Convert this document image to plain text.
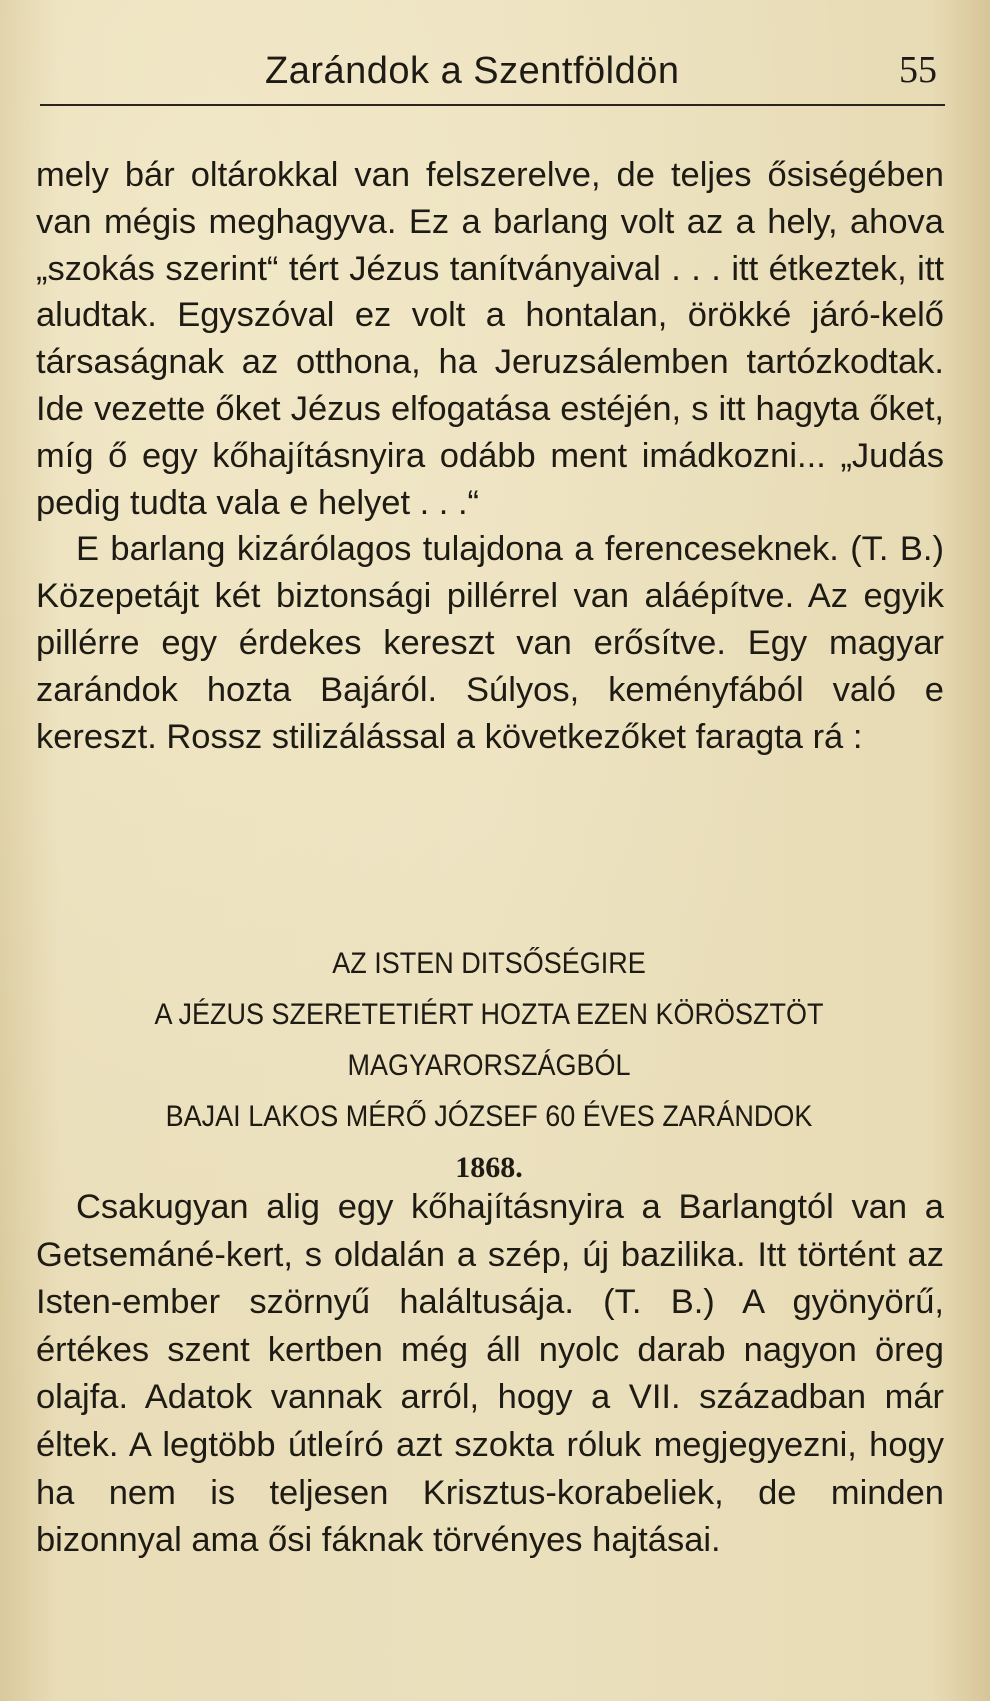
Zarándok a Szentföldön	55

mely bár oltárokkal van felszerelve, de teljes ősiségében van mégis meghagyva. Ez a barlang volt az a hely, ahova „szokás szerint“ tért Jézus tanítványaival . . . itt étkeztek, itt aludtak. Egyszóval ez volt a hontalan, örökké járó-kelő társaságnak az otthona, ha Jeruzsálemben tartózkodtak. Ide vezette őket Jézus elfogatása estéjén, s itt hagyta őket, míg ő egy kőhajításnyira odább ment imádkozni... „Judás pedig tudta vala e helyet . . .“

E barlang kizárólagos tulajdona a ferenceseknek. (T. B.) Közepetájt két biztonsági pillérrel van aláépítve. Az egyik pillérre egy érdekes kereszt van erősítve. Egy magyar zarándok hozta Bajáról. Súlyos, keményfából való e kereszt. Rossz stilizálással a következőket faragta rá :

AZ ISTEN DITSŐSÉGIRE
A JÉZUS SZERETETIÉRT HOZTA EZEN KÖRÖSZTÖT
MAGYARORSZÁGBÓL
BAJAI LAKOS MÉRŐ JÓZSEF 60 ÉVES ZARÁNDOK
1868.

Csakugyan alig egy kőhajításnyira a Barlangtól van a Getsemáné-kert, s oldalán a szép, új bazilika. Itt történt az Isten-ember szörnyű haláltusája. (T. B.) A gyönyörű, értékes szent kertben még áll nyolc darab nagyon öreg olajfa. Adatok vannak arról, hogy a VII. században már éltek. A legtöbb útleíró azt szokta róluk megjegyezni, hogy ha nem is teljesen Krisztus-korabeliek, de minden bizonnyal ama ősi fáknak törvényes hajtásai.
